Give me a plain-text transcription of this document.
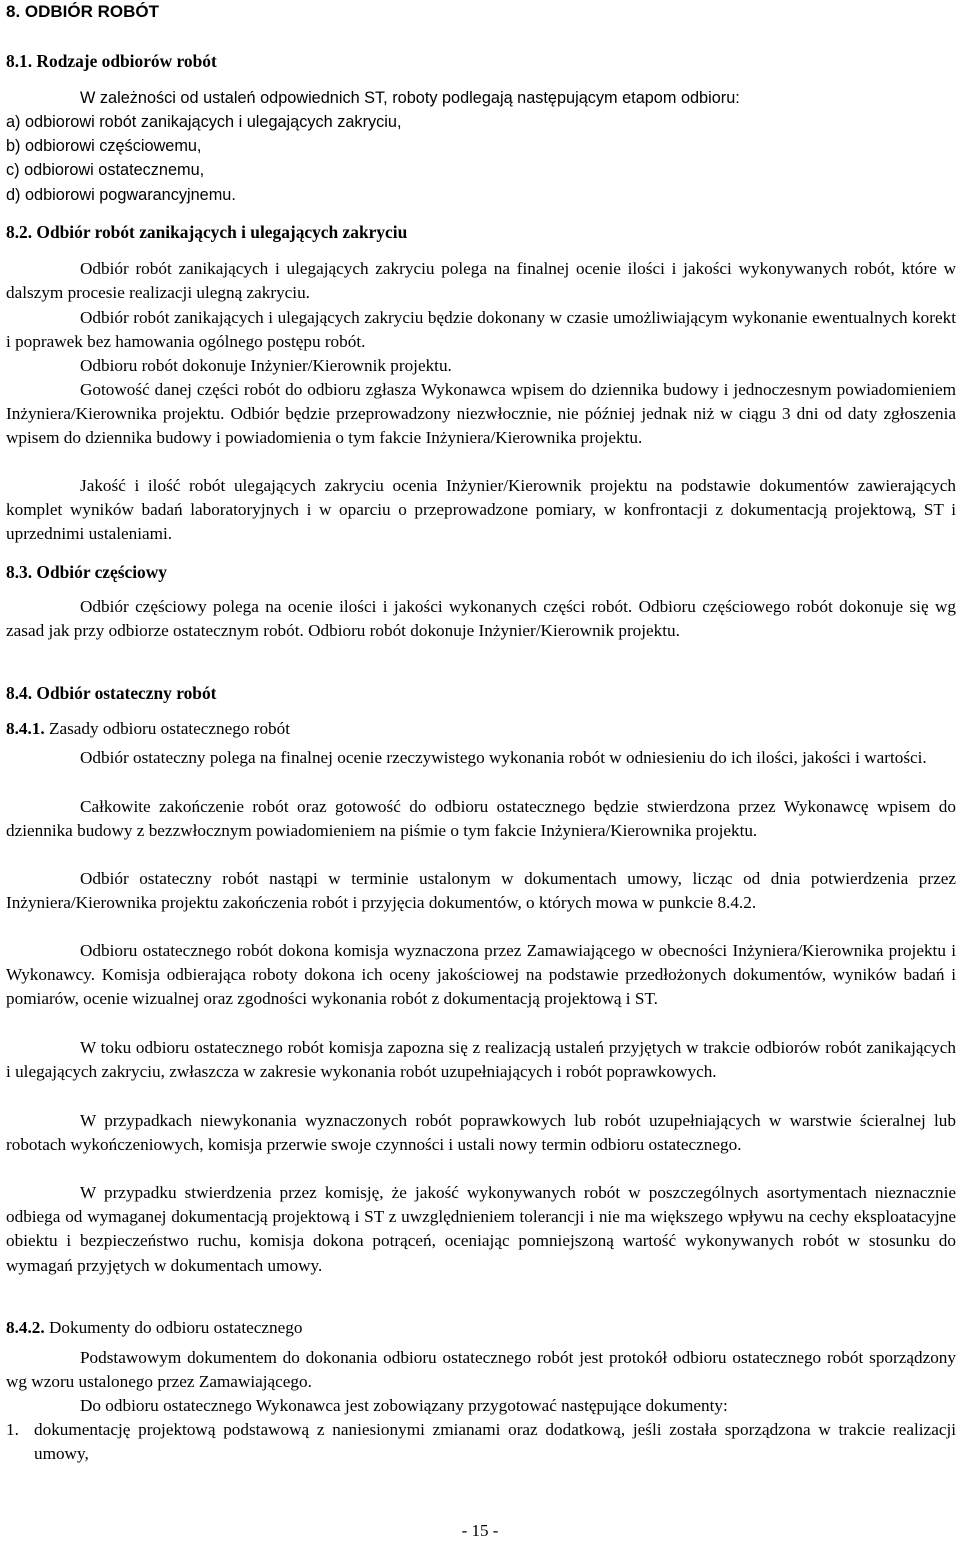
8. ODBIÓR ROBÓT
8.1. Rodzaje odbiorów robót

W zależności od ustaleń odpowiednich ST, roboty podlegają następującym etapom odbioru:

a) odbiorowi robót zanikających i ulegających zakryciu,
b) odbiorowi częściowemu,
c) odbiorowi ostatecznemu,
d) odbiorowi pogwarancyjnemu.
8.2. Odbiór robót zanikających i ulegających zakryciu

Odbiór robót zanikających i ulegających zakryciu polega na finalnej ocenie ilości i jakości wykonywanych robót, które w dalszym procesie realizacji ulegną zakryciu.

Odbiór robót zanikających i ulegających zakryciu będzie dokonany w czasie umożliwiającym wykonanie ewentualnych korekt i poprawek bez hamowania ogólnego postępu robót.

Odbioru robót dokonuje Inżynier/Kierownik projektu.

Gotowość danej części robót do odbioru zgłasza Wykonawca wpisem do dziennika budowy i jednoczesnym powiadomieniem Inżyniera/Kierownika projektu. Odbiór będzie przeprowadzony niezwłocznie, nie później jednak niż w ciągu 3 dni od daty zgłoszenia wpisem do dziennika budowy i powiadomienia o tym fakcie Inżyniera/Kierownika projektu.

Jakość i ilość robót ulegających zakryciu ocenia Inżynier/Kierownik projektu na podstawie dokumentów zawierających komplet wyników badań laboratoryjnych i w oparciu o przeprowadzone pomiary, w konfrontacji z dokumentacją projektową, ST i uprzednimi ustaleniami.

8.3. Odbiór częściowy

Odbiór częściowy polega na ocenie ilości i jakości wykonanych części robót. Odbioru częściowego robót dokonuje się wg zasad jak przy odbiorze ostatecznym robót. Odbioru robót dokonuje Inżynier/Kierownik projektu.

8.4. Odbiór ostateczny robót
8.4.1. Zasady odbioru ostatecznego robót

Odbiór ostateczny polega na finalnej ocenie rzeczywistego wykonania robót w odniesieniu do ich ilości, jakości i wartości.

Całkowite zakończenie robót oraz gotowość do odbioru ostatecznego będzie stwierdzona przez Wykonawcę wpisem do dziennika budowy z bezzwłocznym powiadomieniem na piśmie o tym fakcie Inżyniera/Kierownika projektu.

Odbiór ostateczny robót nastąpi w terminie ustalonym w dokumentach umowy, licząc od dnia potwierdzenia przez Inżyniera/Kierownika projektu zakończenia robót i przyjęcia dokumentów, o których mowa w punkcie 8.4.2.

Odbioru ostatecznego robót dokona komisja wyznaczona przez Zamawiającego w obecności Inżyniera/Kierownika projektu i Wykonawcy. Komisja odbierająca roboty dokona ich oceny jakościowej na podstawie przedłożonych dokumentów, wyników badań i pomiarów, ocenie wizualnej oraz zgodności wykonania robót z dokumentacją projektową i ST.

W toku odbioru ostatecznego robót komisja zapozna się z realizacją ustaleń przyjętych w trakcie odbiorów robót zanikających i ulegających zakryciu, zwłaszcza w zakresie wykonania robót uzupełniających i robót poprawkowych.

W przypadkach niewykonania wyznaczonych robót poprawkowych lub robót uzupełniających w warstwie ścieralnej lub robotach wykończeniowych, komisja przerwie swoje czynności i ustali nowy termin odbioru ostatecznego.

W przypadku stwierdzenia przez komisję, że jakość wykonywanych robót w poszczególnych asortymentach nieznacznie odbiega od wymaganej dokumentacją projektową i ST z uwzględnieniem tolerancji i nie ma większego wpływu na cechy eksploatacyjne obiektu i bezpieczeństwo ruchu, komisja dokona potrąceń, oceniając pomniejszoną wartość wykonywanych robót w stosunku do wymagań przyjętych w dokumentach umowy.

8.4.2. Dokumenty do odbioru ostatecznego

Podstawowym dokumentem do dokonania odbioru ostatecznego robót jest protokół odbioru ostatecznego robót sporządzony wg wzoru ustalonego przez Zamawiającego.

Do odbioru ostatecznego Wykonawca jest zobowiązany przygotować następujące dokumenty:

1. dokumentację projektową podstawową z naniesionymi zmianami oraz dodatkową, jeśli została sporządzona w trakcie realizacji umowy,
- 15 -
